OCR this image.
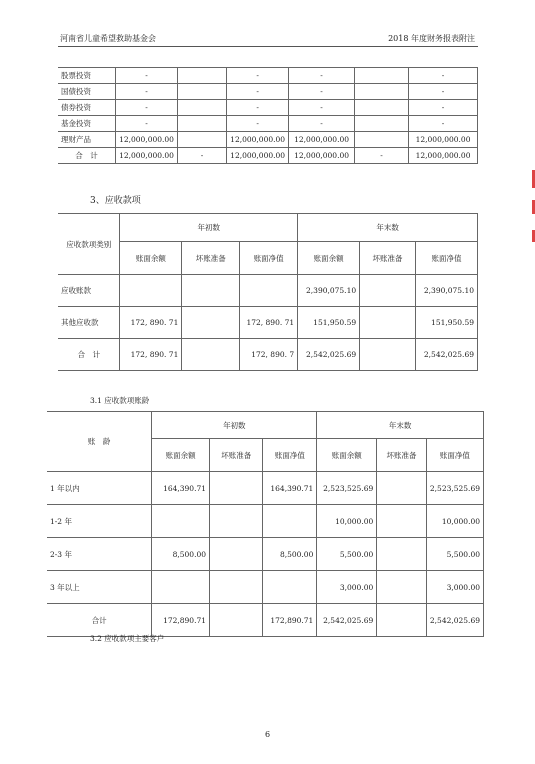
河南省儿童希望救助基金会	2018 年度财务报表附注
股票投资	-		-	-		-
国债投资	-		-	-		-
债券投资	-		-	-		-
基金投资	-		-	-		-
理财产品	12,000,000.00		12,000,000.00	12,000,000.00		12,000,000.00
合　计	12,000,000.00	-	12,000,000.00	12,000,000.00	-	12,000,000.00
3、应收款项
应收款项类别	年初数			年末数		
	账面余额	坏账准备	账面净值	账面余额	坏账准备	账面净值
应收账款				2,390,075.10		2,390,075.10
其他应收款	172, 890. 71		172, 890. 71	151,950.59		151,950.59
合　计	172, 890. 71		172, 890. 7	2,542,025.69		2,542,025.69
3.1 应收款项账龄
账　龄	年初数			年末数		
	账面余额	坏账准备	账面净值	账面余额	坏账准备	账面净值
1 年以内	164,390.71		164,390.71	2,523,525.69		2,523,525.69
1-2 年				10,000.00		10,000.00
2-3 年	8,500.00		8,500.00	5,500.00		5,500.00
3 年以上				3,000.00		3,000.00
合计	172,890.71		172,890.71	2,542,025.69		2,542,025.69
3.2 应收款项主要客户
6
